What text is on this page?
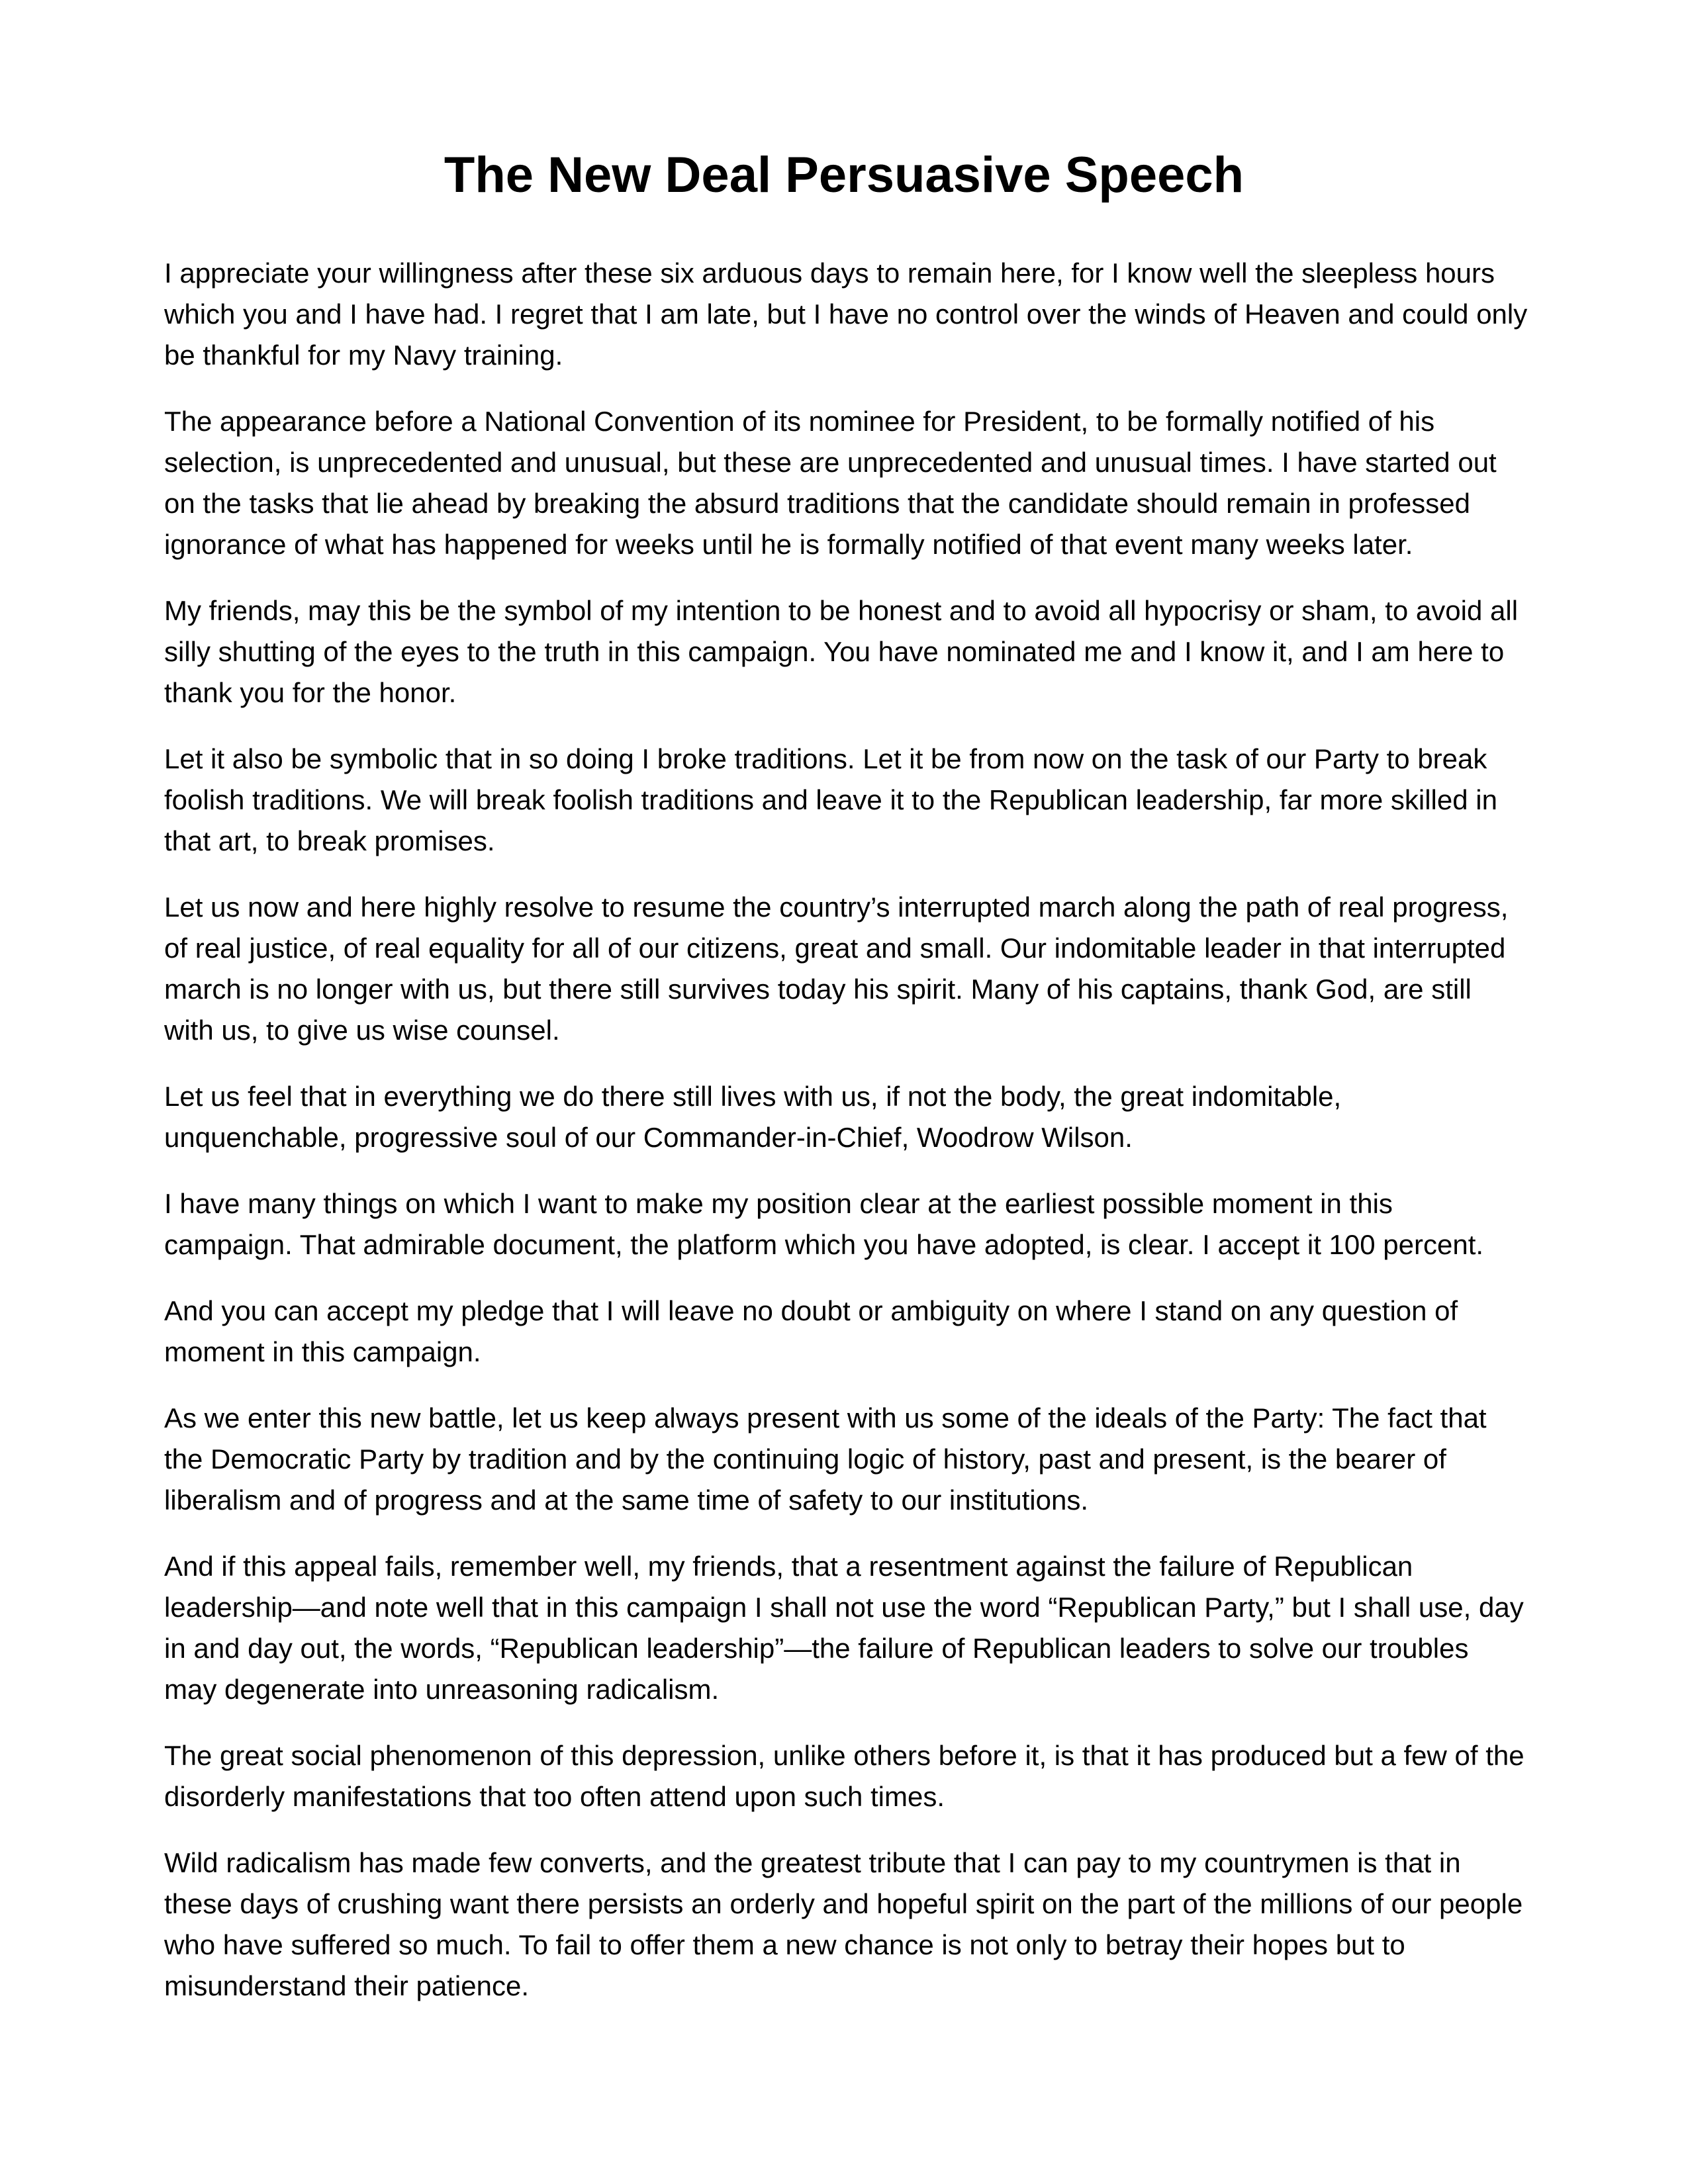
The New Deal Persuasive Speech

I appreciate your willingness after these six arduous days to remain here, for I know well the sleepless hours which you and I have had. I regret that I am late, but I have no control over the winds of Heaven and could only be thankful for my Navy training.

The appearance before a National Convention of its nominee for President, to be formally notified of his selection, is unprecedented and unusual, but these are unprecedented and unusual times. I have started out on the tasks that lie ahead by breaking the absurd traditions that the candidate should remain in professed ignorance of what has happened for weeks until he is formally notified of that event many weeks later.

My friends, may this be the symbol of my intention to be honest and to avoid all hypocrisy or sham, to avoid all silly shutting of the eyes to the truth in this campaign. You have nominated me and I know it, and I am here to thank you for the honor.

Let it also be symbolic that in so doing I broke traditions. Let it be from now on the task of our Party to break foolish traditions. We will break foolish traditions and leave it to the Republican leadership, far more skilled in that art, to break promises.

Let us now and here highly resolve to resume the country’s interrupted march along the path of real progress, of real justice, of real equality for all of our citizens, great and small. Our indomitable leader in that interrupted march is no longer with us, but there still survives today his spirit. Many of his captains, thank God, are still with us, to give us wise counsel.

Let us feel that in everything we do there still lives with us, if not the body, the great indomitable, unquenchable, progressive soul of our Commander-in-Chief, Woodrow Wilson.

I have many things on which I want to make my position clear at the earliest possible moment in this campaign. That admirable document, the platform which you have adopted, is clear. I accept it 100 percent.

And you can accept my pledge that I will leave no doubt or ambiguity on where I stand on any question of moment in this campaign.

As we enter this new battle, let us keep always present with us some of the ideals of the Party: The fact that the Democratic Party by tradition and by the continuing logic of history, past and present, is the bearer of liberalism and of progress and at the same time of safety to our institutions.

And if this appeal fails, remember well, my friends, that a resentment against the failure of Republican leadership—and note well that in this campaign I shall not use the word “Republican Party,” but I shall use, day in and day out, the words, “Republican leadership”—the failure of Republican leaders to solve our troubles may degenerate into unreasoning radicalism.

The great social phenomenon of this depression, unlike others before it, is that it has produced but a few of the disorderly manifestations that too often attend upon such times.

Wild radicalism has made few converts, and the greatest tribute that I can pay to my countrymen is that in these days of crushing want there persists an orderly and hopeful spirit on the part of the millions of our people who have suffered so much. To fail to offer them a new chance is not only to betray their hopes but to misunderstand their patience.
